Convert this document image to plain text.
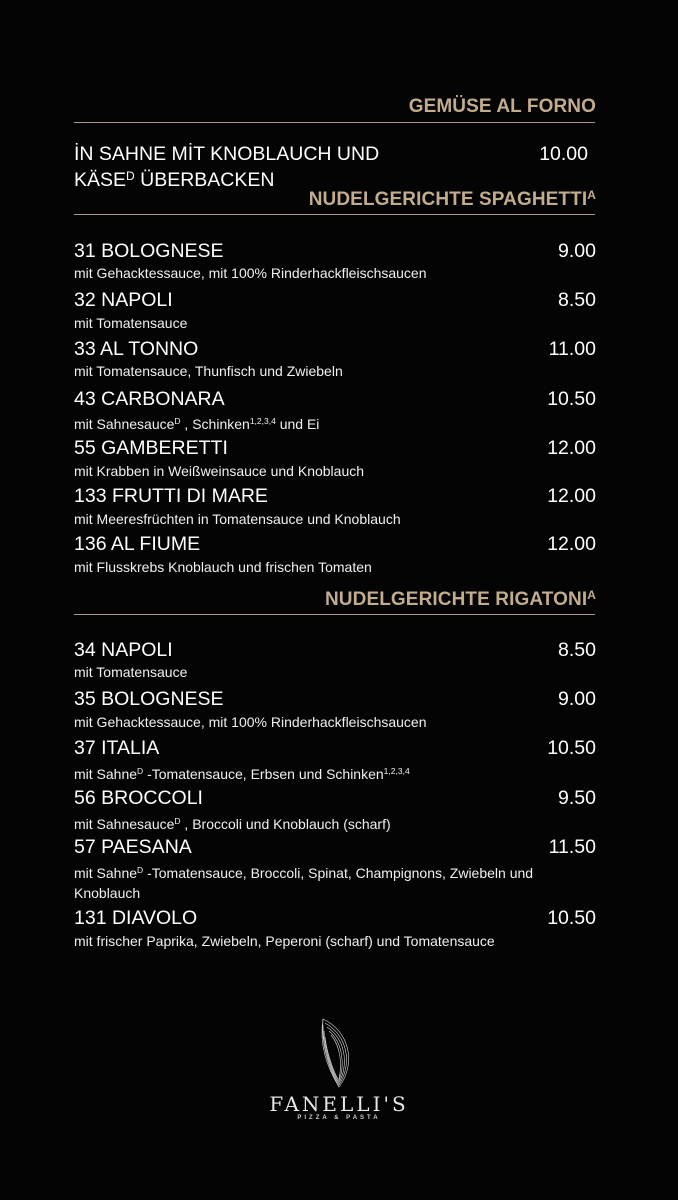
GEMÜSE AL FORNO
İN SAHNE MİT KNOBLAUCH UND
$KÄSE^D$ ÜBERBACKEN
10.00
NUDELGERICHTE $SPAGHETTI^A$
31 BOLOGNESE	9.00
mit Gehacktessauce, mit 100% Rinderhackfleischsaucen
32 NAPOLI	8.50
mit Tomatensauce
33 AL TONNO	11.00
mit Tomatensauce, Thunfisch und Zwiebeln
43 CARBONARA	10.50
mit Sahnesauce$^D$ , Schinken$^{1,2,3,4}$ und Ei
55 GAMBERETTI	12.00
mit Krabben in Weißweinsauce und Knoblauch
133 FRUTTI DI MARE	12.00
mit Meeresfrüchten in Tomatensauce und Knoblauch
136 AL FIUME	12.00
mit Flusskrebs Knoblauch und frischen Tomaten
NUDELGERICHTE $RIGATONI^A$
34 NAPOLI	8.50
mit Tomatensauce
35 BOLOGNESE	9.00
mit Gehacktessauce, mit 100% Rinderhackfleischsaucen
37 ITALIA	10.50
mit Sahne$^D$ -Tomatensauce, Erbsen und Schinken$^{1,2,3,4}$
56 BROCCOLI	9.50
mit Sahnesauce$^D$ , Broccoli und Knoblauch (scharf)
57 PAESANA	11.50
mit Sahne$^D$ -Tomatensauce, Broccoli, Spinat, Champignons, Zwiebeln und Knoblauch
131 DIAVOLO	10.50
mit frischer Paprika, Zwiebeln, Peperoni (scharf) und Tomatensauce
FANELLI'S
PIZZA & PASTA
